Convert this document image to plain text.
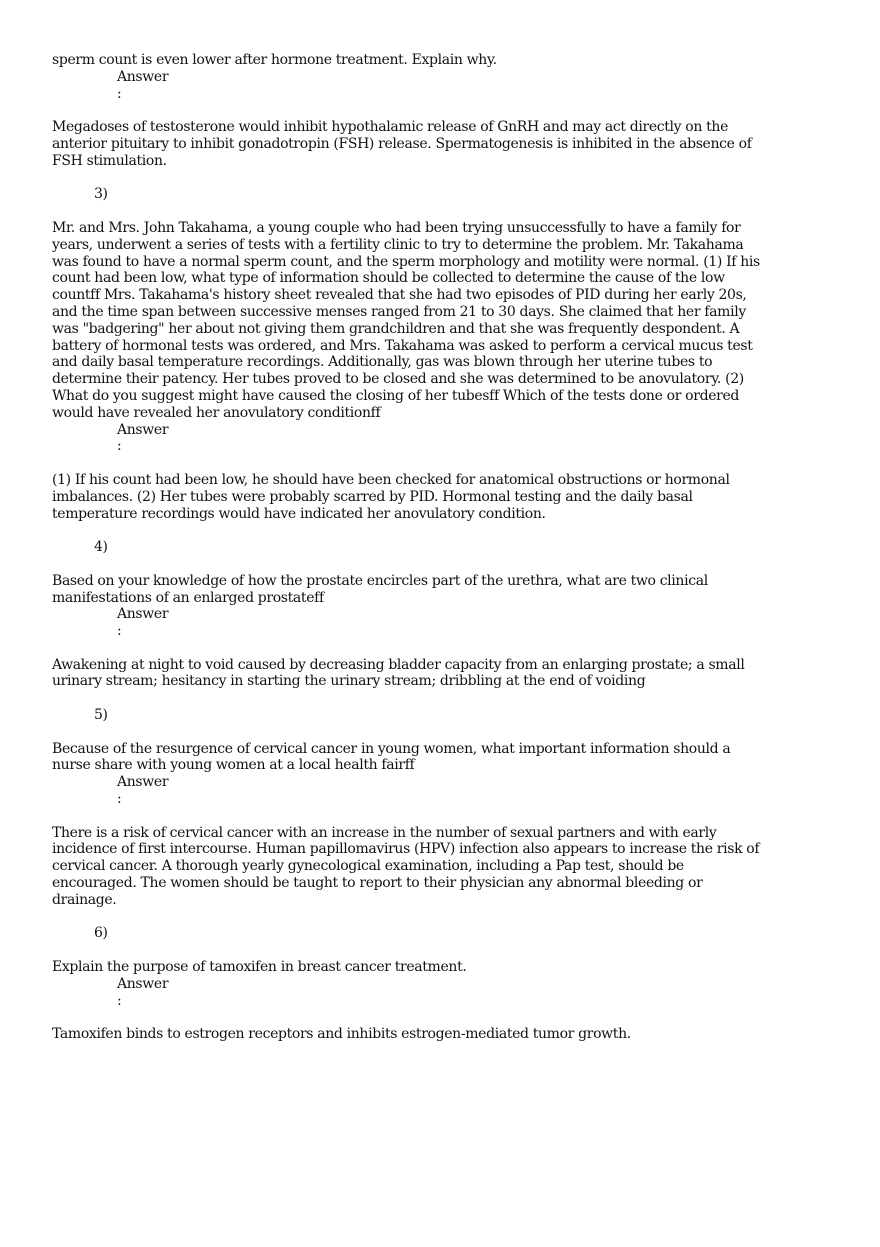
sperm count is even lower after hormone treatment. Explain why.
Answer
:
Megadoses of testosterone would inhibit hypothalamic release of GnRH and may act directly on the
anterior pituitary to inhibit gonadotropin (FSH) release. Spermatogenesis is inhibited in the absence of
FSH stimulation.
3)
Mr. and Mrs. John Takahama, a young couple who had been trying unsuccessfully to have a family for
years, underwent a series of tests with a fertility clinic to try to determine the problem. Mr. Takahama
was found to have a normal sperm count, and the sperm morphology and motility were normal. (1) If his
count had been low, what type of information should be collected to determine the cause of the low
countff Mrs. Takahama's history sheet revealed that she had two episodes of PID during her early 20s,
and the time span between successive menses ranged from 21 to 30 days. She claimed that her family
was "badgering" her about not giving them grandchildren and that she was frequently despondent. A
battery of hormonal tests was ordered, and Mrs. Takahama was asked to perform a cervical mucus test
and daily basal temperature recordings. Additionally, gas was blown through her uterine tubes to
determine their patency. Her tubes proved to be closed and she was determined to be anovulatory. (2)
What do you suggest might have caused the closing of her tubesff Which of the tests done or ordered
would have revealed her anovulatory conditionff
Answer
:
(1) If his count had been low, he should have been checked for anatomical obstructions or hormonal
imbalances. (2) Her tubes were probably scarred by PID. Hormonal testing and the daily basal
temperature recordings would have indicated her anovulatory condition.
4)
Based on your knowledge of how the prostate encircles part of the urethra, what are two clinical
manifestations of an enlarged prostateff
Answer
:
Awakening at night to void caused by decreasing bladder capacity from an enlarging prostate; a small
urinary stream; hesitancy in starting the urinary stream; dribbling at the end of voiding
5)
Because of the resurgence of cervical cancer in young women, what important information should a
nurse share with young women at a local health fairff
Answer
:
There is a risk of cervical cancer with an increase in the number of sexual partners and with early
incidence of first intercourse. Human papillomavirus (HPV) infection also appears to increase the risk of
cervical cancer. A thorough yearly gynecological examination, including a Pap test, should be
encouraged. The women should be taught to report to their physician any abnormal bleeding or
drainage.
6)
Explain the purpose of tamoxifen in breast cancer treatment.
Answer
:
Tamoxifen binds to estrogen receptors and inhibits estrogen-mediated tumor growth.
